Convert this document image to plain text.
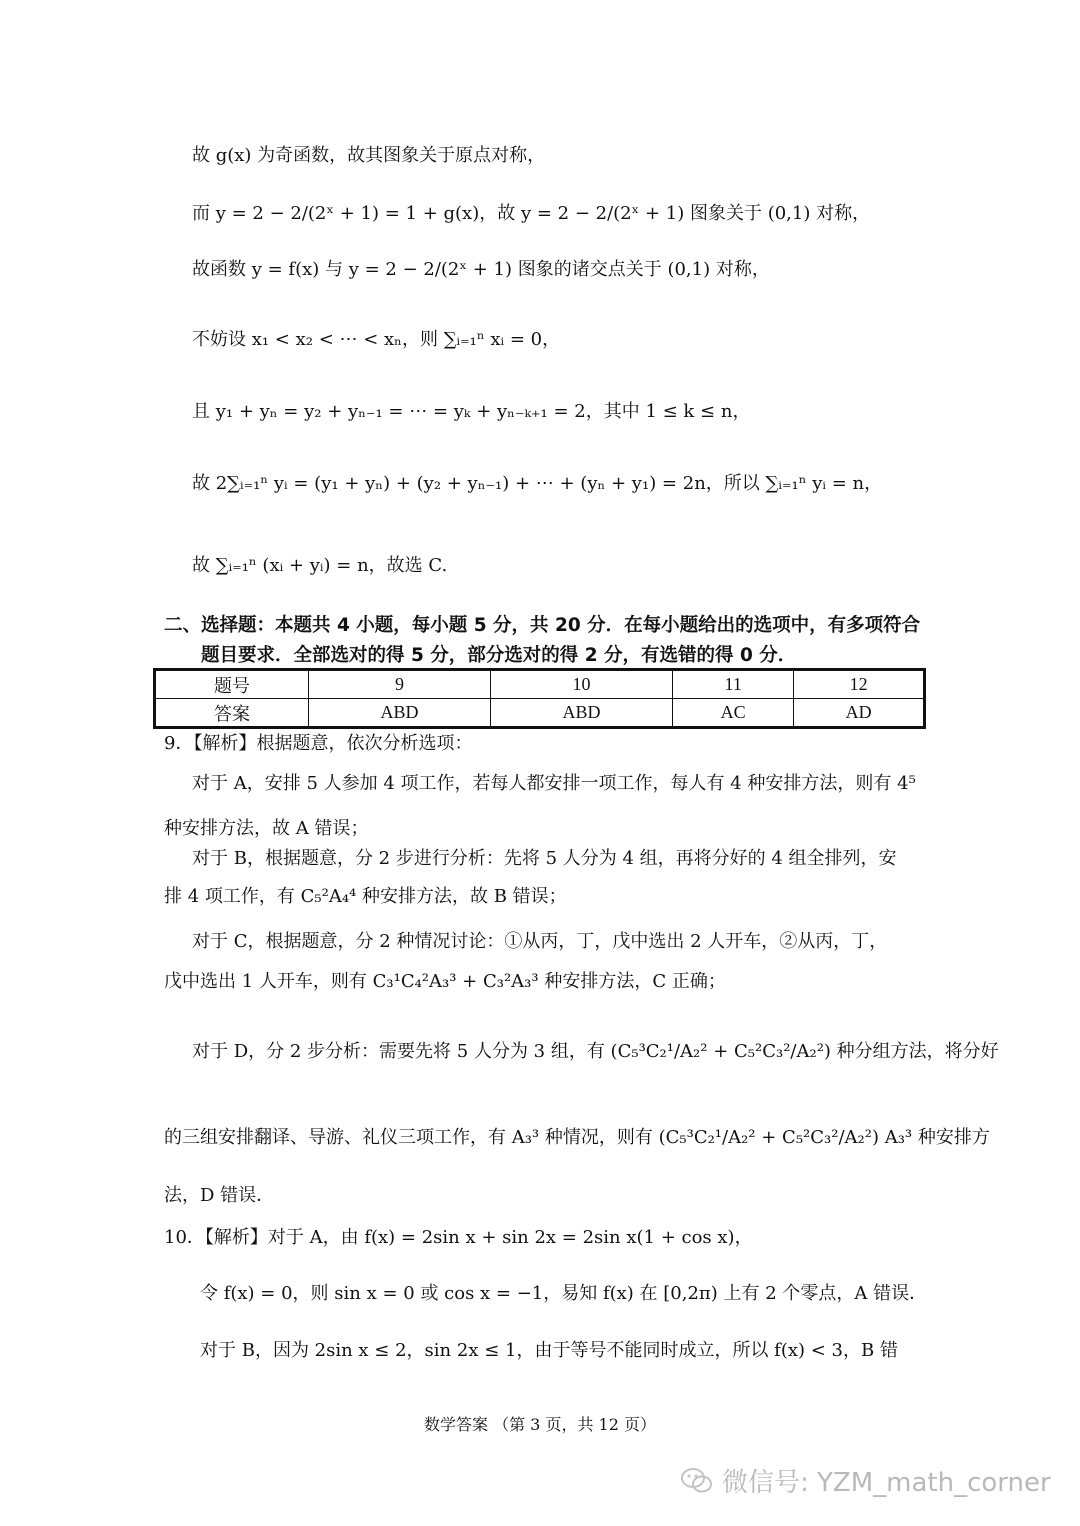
故 g(x) 为奇函数，故其图象关于原点对称，
而 y = 2 − 2/(2ˣ + 1) = 1 + g(x)，故 y = 2 − 2/(2ˣ + 1) 图象关于 (0,1) 对称，
故函数 y = f(x) 与 y = 2 − 2/(2ˣ + 1) 图象的诸交点关于 (0,1) 对称，
不妨设 x₁ < x₂ < ⋯ < xₙ，则 ∑ᵢ₌₁ⁿ xᵢ = 0，
且 y₁ + yₙ = y₂ + yₙ₋₁ = ⋯ = yₖ + yₙ₋ₖ₊₁ = 2，其中 1 ≤ k ≤ n，
故 2∑ᵢ₌₁ⁿ yᵢ = (y₁ + yₙ) + (y₂ + yₙ₋₁) + ⋯ + (yₙ + y₁) = 2n，所以 ∑ᵢ₌₁ⁿ yᵢ = n，
故 ∑ᵢ₌₁ⁿ (xᵢ + yᵢ) = n，故选 C.
二、选择题：本题共 4 小题，每小题 5 分，共 20 分．在每小题给出的选项中，有多项符合
题目要求．全部选对的得 5 分，部分选对的得 2 分，有选错的得 0 分．
题号	9	10	11	12
答案	ABD	ABD	AC	AD
9．【解析】根据题意，依次分析选项：
对于 A，安排 5 人参加 4 项工作，若每人都安排一项工作，每人有 4 种安排方法，则有 4⁵
种安排方法，故 A 错误；
对于 B，根据题意，分 2 步进行分析：先将 5 人分为 4 组，再将分好的 4 组全排列，安
排 4 项工作，有 C₅²A₄⁴ 种安排方法，故 B 错误；
对于 C，根据题意，分 2 种情况讨论：①从丙，丁，戊中选出 2 人开车，②从丙，丁，
戊中选出 1 人开车，则有 C₃¹C₄²A₃³ + C₃²A₃³ 种安排方法，C 正确；
对于 D，分 2 步分析：需要先将 5 人分为 3 组，有 (C₅³C₂¹/A₂² + C₅²C₃²/A₂²) 种分组方法，将分好
的三组安排翻译、导游、礼仪三项工作，有 A₃³ 种情况，则有 (C₅³C₂¹/A₂² + C₅²C₃²/A₂²) A₃³ 种安排方
法，D 错误．
10．【解析】对于 A，由 f(x) = 2sin x + sin 2x = 2sin x(1 + cos x)，
令 f(x) = 0，则 sin x = 0 或 cos x = −1，易知 f(x) 在 [0,2π) 上有 2 个零点，A 错误．
对于 B，因为 2sin x ≤ 2，sin 2x ≤ 1，由于等号不能同时成立，所以 f(x) < 3，B 错
数学答案 （第 3 页，共 12 页）
微信号: YZM_math_corner
